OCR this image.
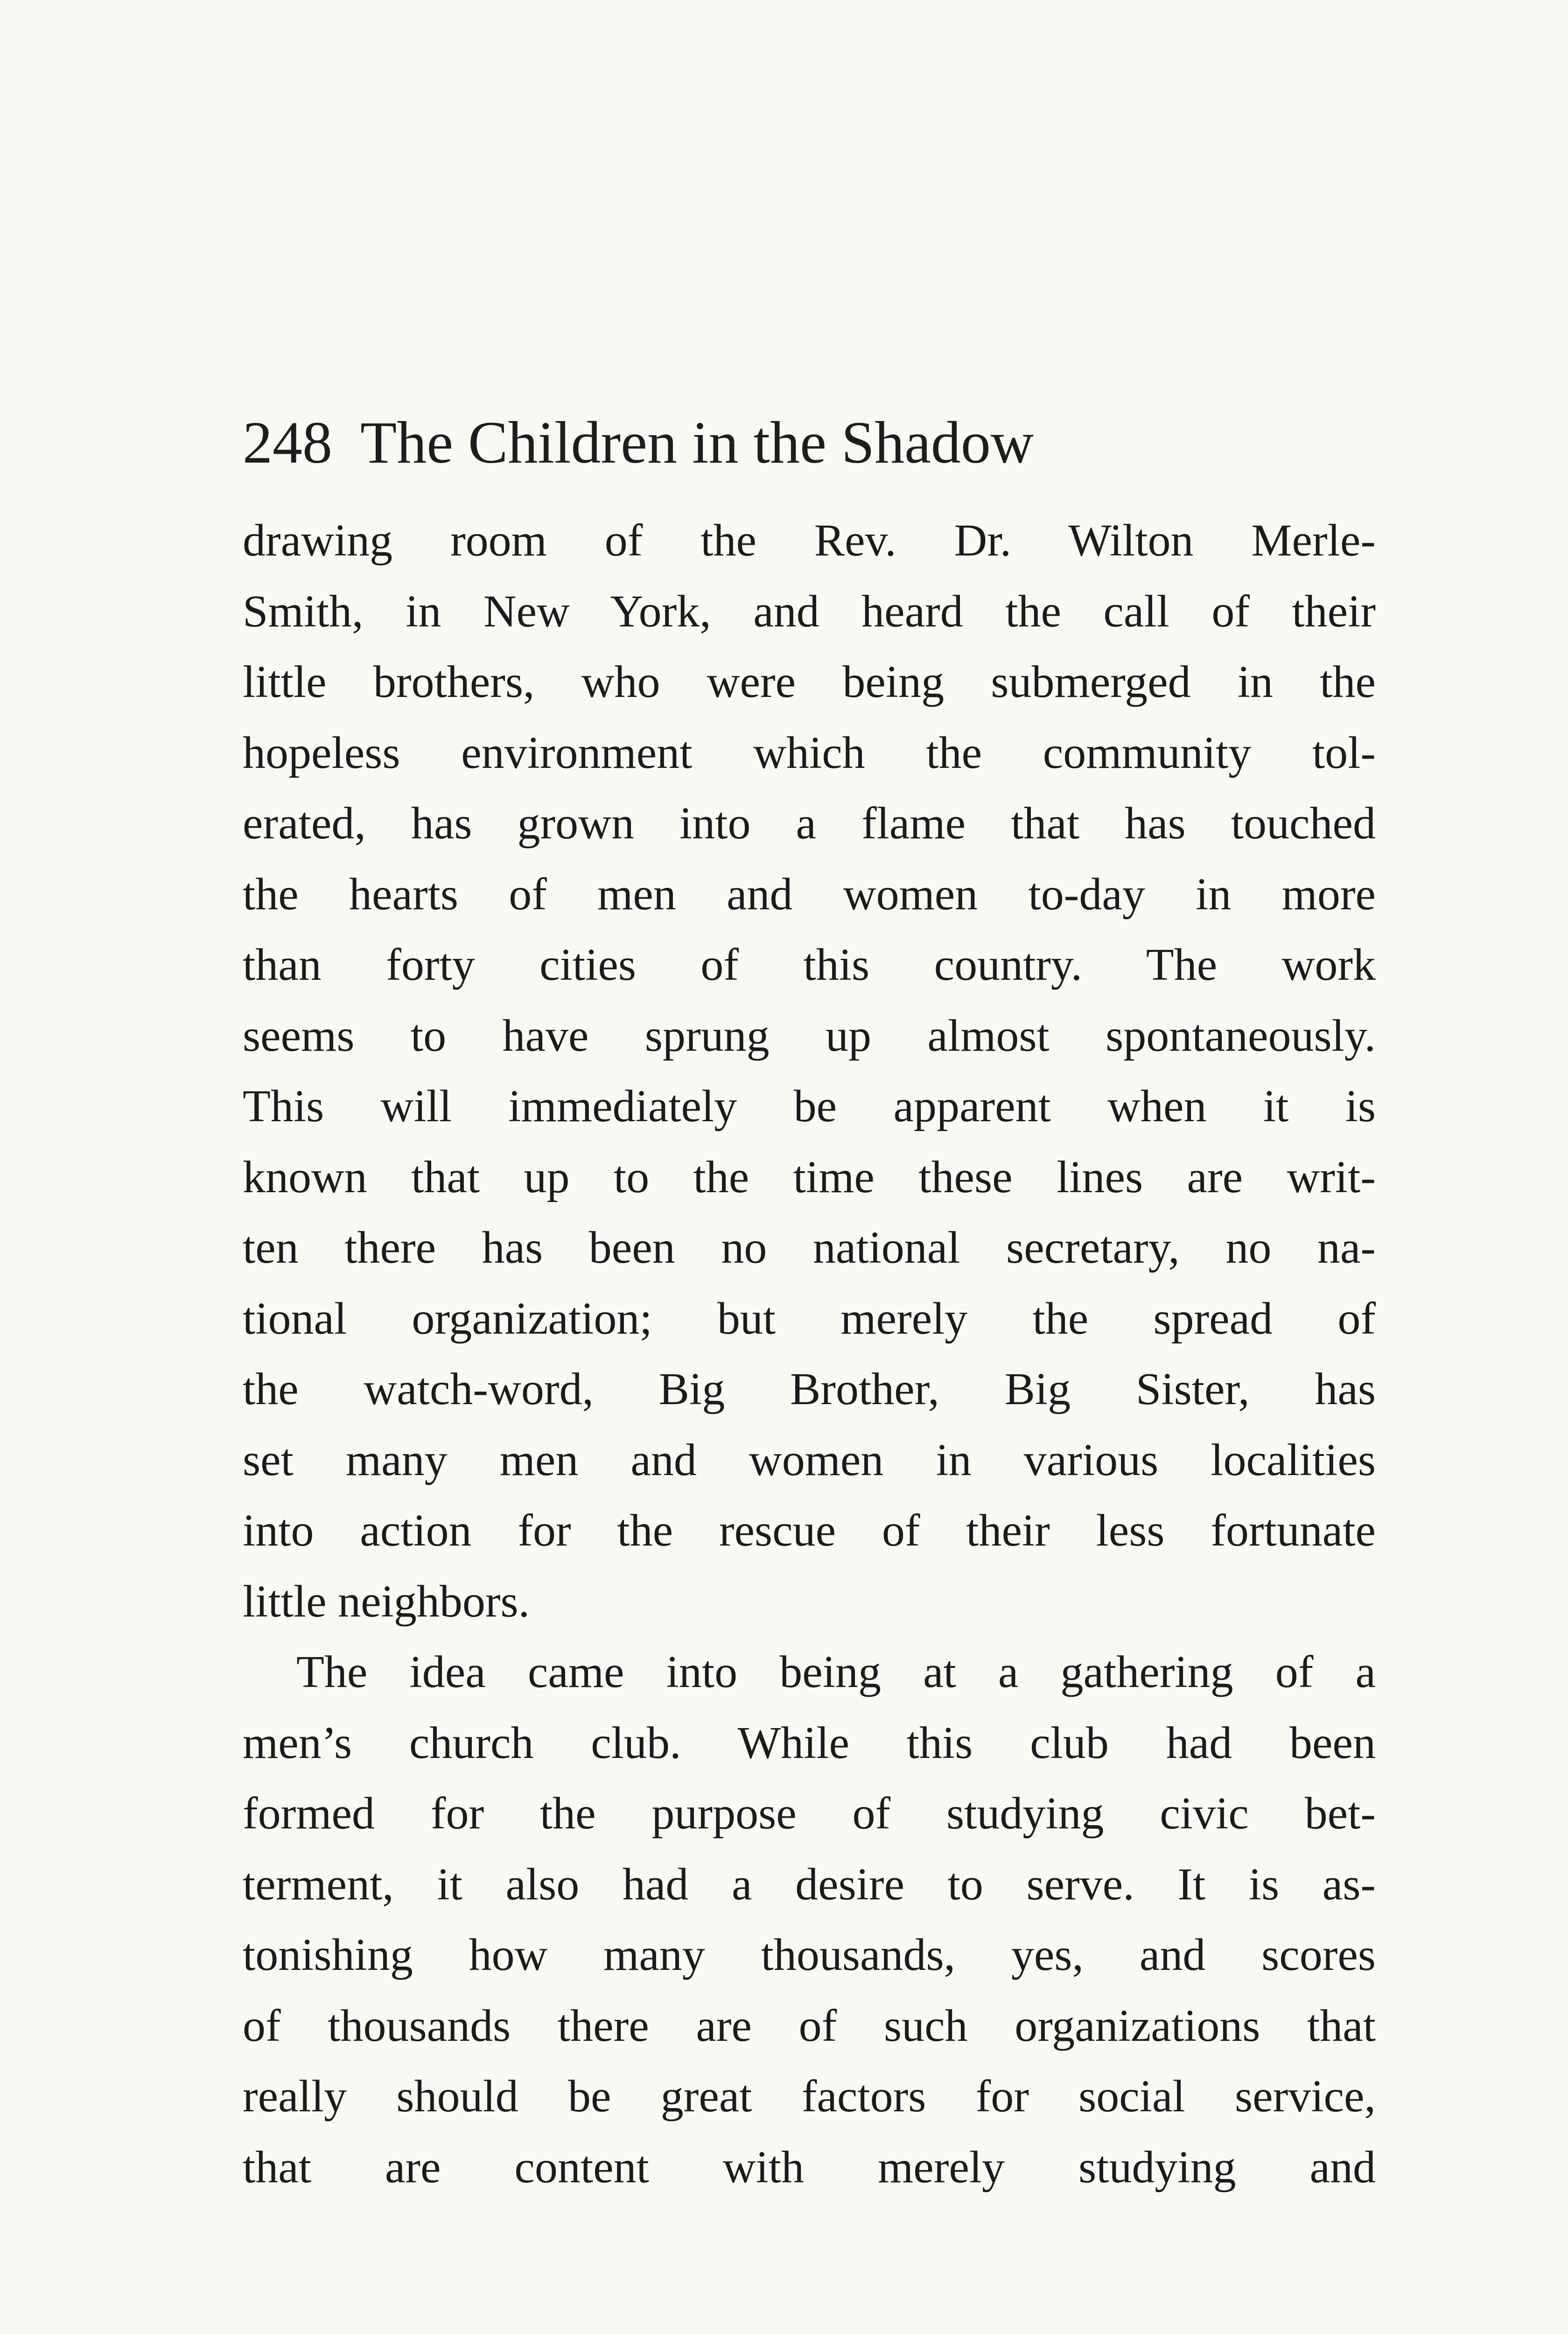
248 The Children in the Shadow
drawing room of the Rev. Dr. Wilton Merle-
Smith, in New York, and heard the call of their
little brothers, who were being submerged in the
hopeless environment which the community tol-
erated, has grown into a flame that has touched
the hearts of men and women to-day in more
than forty cities of this country. The work
seems to have sprung up almost spontaneously.
This will immediately be apparent when it is
known that up to the time these lines are writ-
ten there has been no national secretary, no na-
tional organization; but merely the spread of
the watch-word, Big Brother, Big Sister, has
set many men and women in various localities
into action for the rescue of their less fortunate
little neighbors.
The idea came into being at a gathering of a
men’s church club. While this club had been
formed for the purpose of studying civic bet-
terment, it also had a desire to serve. It is as-
tonishing how many thousands, yes, and scores
of thousands there are of such organizations that
really should be great factors for social service,
that are content with merely studying and
